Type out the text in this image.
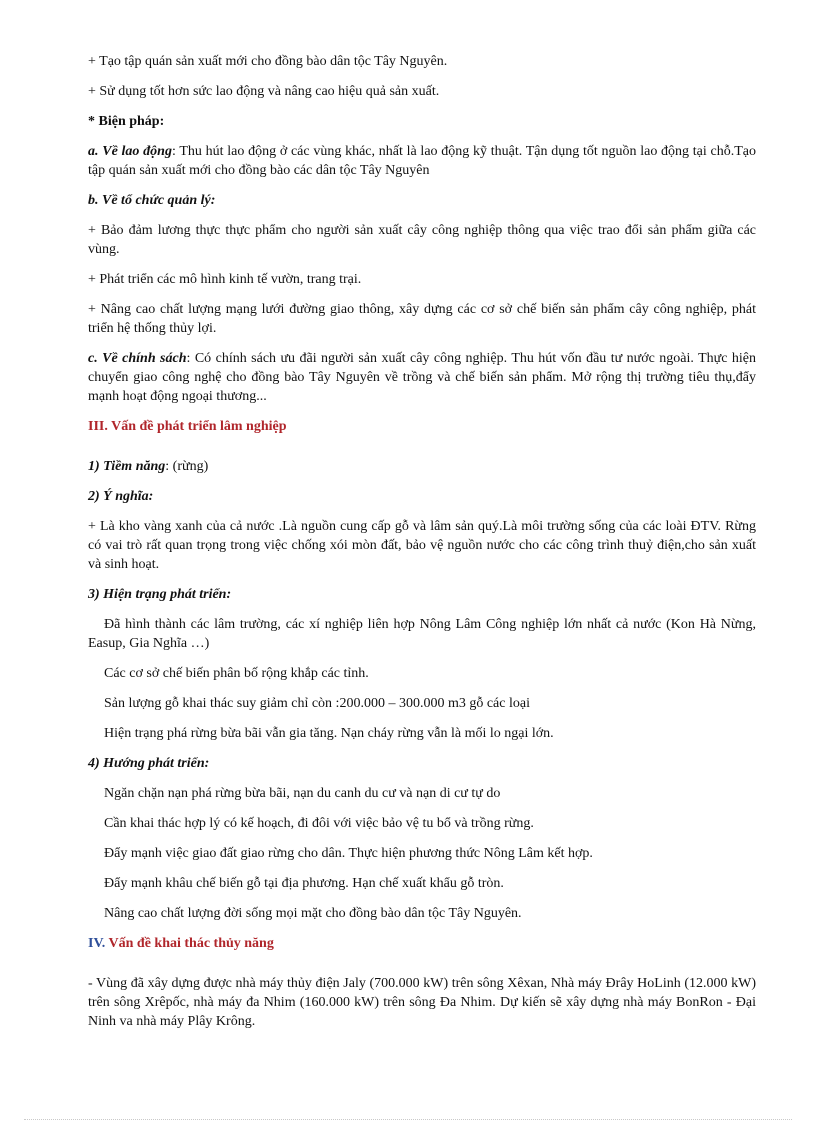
+ Tạo tập quán sản xuất mới cho đồng bào dân tộc Tây Nguyên.

+ Sử dụng tốt hơn sức lao động và nâng cao hiệu quả sản xuất.

* Biện pháp:

a. Về lao động: Thu hút lao động ở các vùng khác, nhất là lao động kỹ thuật. Tận dụng tốt nguồn lao động tại chỗ.Tạo tập quán sản xuất mới cho đồng bào các dân tộc Tây Nguyên

b. Về tổ chức quản lý:

+ Bảo đảm lương thực thực phẩm cho người sản xuất cây công nghiệp thông qua việc trao đổi sản phẩm giữa các vùng.

+ Phát triển các mô hình kinh tế vườn, trang trại.

+ Nâng cao chất lượng mạng lưới đường giao thông, xây dựng các cơ sở chế biến sản phẩm cây công nghiệp, phát triển hệ thống thủy lợi.

c. Về chính sách: Có chính sách ưu đãi người sản xuất cây công nghiệp. Thu hút vốn đầu tư nước ngoài. Thực hiện chuyển giao công nghệ cho đồng bào Tây Nguyên về trồng và chế biến sản phẩm. Mở rộng thị trường tiêu thụ,đẩy mạnh hoạt động ngoại thương...

III. Vấn đề phát triển lâm nghiệp

1) Tiềm năng: (rừng)

2) Ý nghĩa:

+ Là kho vàng xanh của cả nước .Là nguồn cung cấp gỗ và lâm sản quý.Là môi trường sống của các loài ĐTV. Rừng có vai trò rất quan trọng trong việc chống xói mòn đất, bảo vệ nguồn nước cho các công trình thuỷ điện,cho sản xuất và sinh hoạt.

3) Hiện trạng phát triển:

Đã hình thành các lâm trường, các xí nghiệp liên hợp Nông Lâm Công nghiệp lớn nhất cả nước (Kon Hà Nừng, Easup, Gia Nghĩa …)

Các cơ sở chế biến phân bố rộng khắp các tỉnh.

Sản lượng gỗ khai thác suy giảm chỉ còn :200.000 – 300.000 m3 gỗ các loại

Hiện trạng phá rừng bừa bãi vẫn gia tăng. Nạn cháy rừng vẫn là mối lo ngại lớn.

4) Hướng phát triển:

Ngăn chặn nạn phá rừng bừa bãi, nạn du canh du cư và nạn di cư tự do

Cần khai thác hợp lý có kế hoạch, đi đôi với việc bảo vệ tu bổ và trồng rừng.

Đẩy mạnh việc giao đất giao rừng cho dân. Thực hiện phương thức Nông Lâm kết hợp.

Đẩy mạnh khâu chế biến gỗ tại địa phương. Hạn chế xuất khẩu gỗ tròn.

Nâng cao chất lượng đời sống mọi mặt cho đồng bào dân tộc Tây Nguyên.

IV. Vấn đề khai thác thủy năng

- Vùng đã xây dựng được nhà máy thủy điện Jaly (700.000 kW) trên sông Xêxan, Nhà máy Đrây HoLinh (12.000 kW) trên sông Xrêpốc, nhà máy đa Nhim (160.000 kW) trên sông Đa Nhim. Dự kiến sẽ xây dựng nhà máy BonRon - Đại Ninh va nhà máy Plây Krông.
